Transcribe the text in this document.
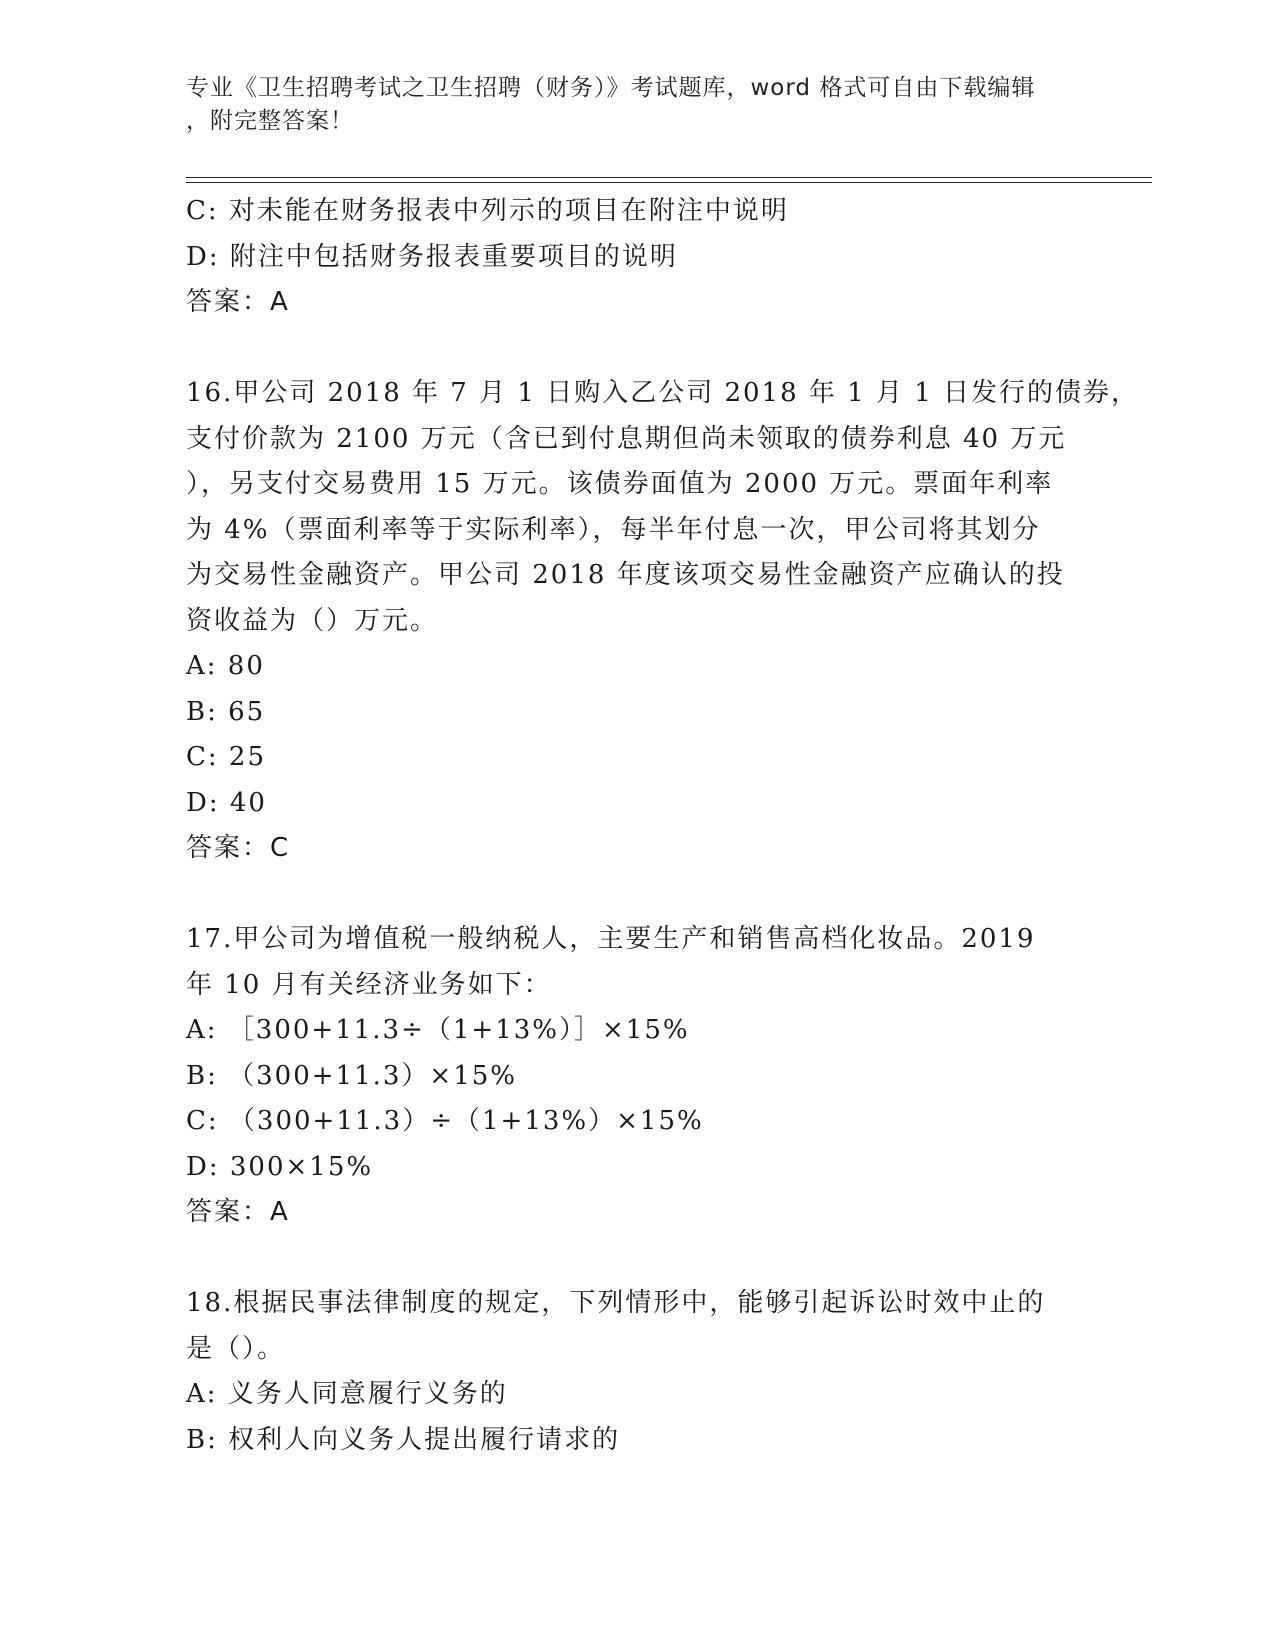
专业《卫生招聘考试之卫生招聘（财务）》考试题库，word 格式可自由下载编辑
，附完整答案！
C: 对未能在财务报表中列示的项目在附注中说明
D: 附注中包括财务报表重要项目的说明
答案：A
16.甲公司 2018 年 7 月 1 日购入乙公司 2018 年 1 月 1 日发行的债券，
支付价款为 2100 万元（含已到付息期但尚未领取的债券利息 40 万元
），另支付交易费用 15 万元。该债券面值为 2000 万元。票面年利率
为 4%（票面利率等于实际利率），每半年付息一次，甲公司将其划分
为交易性金融资产。甲公司 2018 年度该项交易性金融资产应确认的投
资收益为（）万元。
A: 80
B: 65
C: 25
D: 40
答案：C
17.甲公司为增值税一般纳税人，主要生产和销售高档化妆品。2019
年 10 月有关经济业务如下：
A: ［300+11.3÷（1+13%）］×15%
B: （300+11.3）×15%
C: （300+11.3）÷（1+13%）×15%
D: 300×15%
答案：A
18.根据民事法律制度的规定，下列情形中，能够引起诉讼时效中止的
是（）。
A: 义务人同意履行义务的
B: 权利人向义务人提出履行请求的
